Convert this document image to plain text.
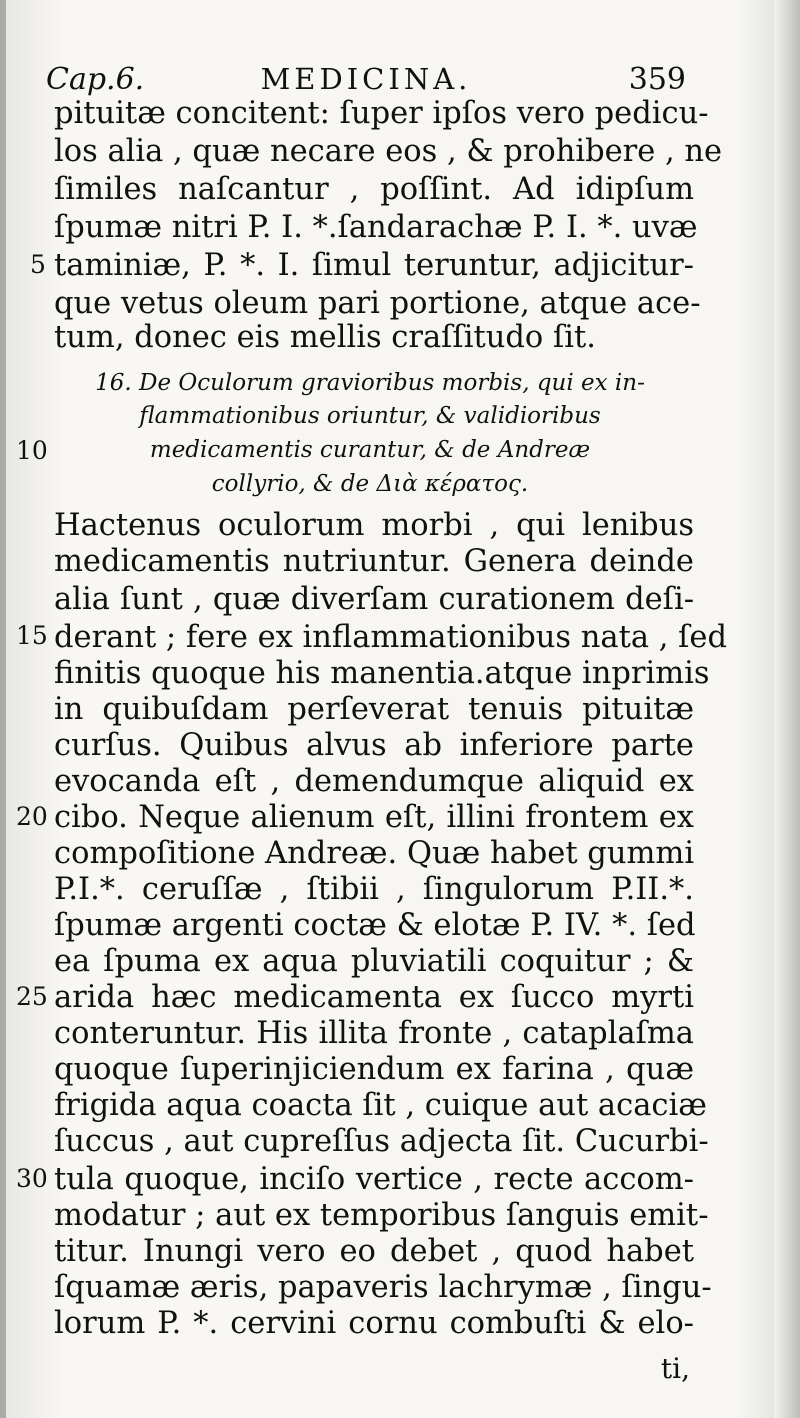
Cap.6.	MEDICINA.	359
pituitæ concitent: ſuper ipſos vero pedicu-
los alia , quæ necare eos , & prohibere , ne
ſimiles naſcantur , poſſint. Ad idipſum
ſpumæ nitri P. I. *.ſandarachæ P. I. *. uvæ
taminiæ, P. *. I. ſimul teruntur, adjicitur-
que vetus oleum pari portione, atque ace-
tum, donec eis mellis craſſitudo ſit.
16. De Oculorum gravioribus morbis, qui ex in-
flammationibus oriuntur, & validioribus
medicamentis curantur, & de Andreæ
collyrio, & de Διὰ κέρατος.
Hactenus oculorum morbi , qui lenibus
medicamentis nutriuntur. Genera deinde
alia ſunt , quæ diverſam curationem deſi-
derant ; fere ex inflammationibus nata , ſed
finitis quoque his manentia.atque inprimis
in quibuſdam perſeverat tenuis pituitæ
curſus. Quibus alvus ab inferiore parte
evocanda eſt , demendumque aliquid ex
cibo. Neque alienum eſt, illini frontem ex
compoſitione Andreæ. Quæ habet gummi
P.I.*. ceruſſæ , ſtibii , ſingulorum P.II.*.
ſpumæ argenti coctæ & elotæ P. IV. *. ſed
ea ſpuma ex aqua pluviatili coquitur ; &
arida hæc medicamenta ex ſucco myrti
conteruntur. His illita fronte , cataplaſma
quoque ſuperinjiciendum ex farina , quæ
frigida aqua coacta ſit , cuique aut acaciæ
ſuccus , aut cupreſſus adjecta ſit. Cucurbi-
tula quoque, inciſo vertice , recte accom-
modatur ; aut ex temporibus ſanguis emit-
titur. Inungi vero eo debet , quod habet
ſquamæ æris, papaveris lachrymæ , ſingu-
lorum P. *. cervini cornu combuſti & elo-
ti,
5
10
15
20
25
30
